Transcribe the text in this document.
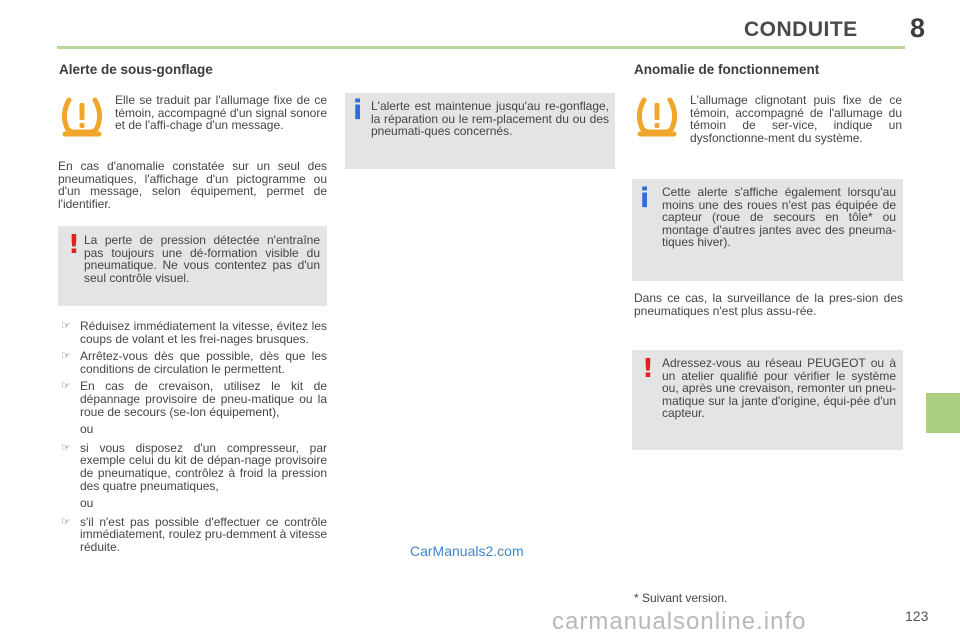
CONDUITE 8
Alerte de sous-gonflage
Elle se traduit par l'allumage fixe de ce témoin, accompagné d'un signal sonore et de l'affi-chage d'un message.
En cas d'anomalie constatée sur un seul des pneumatiques, l'affichage d'un pictogramme ou d'un message, selon équipement, permet de l'identifier.
! La perte de pression détectée n'entraîne pas toujours une dé-formation visible du pneumatique. Ne vous contentez pas d'un seul contrôle visuel.
☞ Réduisez immédiatement la vitesse, évitez les coups de volant et les frei-nages brusques.
☞ Arrêtez-vous dès que possible, dès que les conditions de circulation le permettent.
☞ En cas de crevaison, utilisez le kit de dépannage provisoire de pneu-matique ou la roue de secours (se-lon équipement),
ou
☞ si vous disposez d'un compresseur, par exemple celui du kit de dépan-nage provisoire de pneumatique, contrôlez à froid la pression des quatre pneumatiques,
ou
☞ s'il n'est pas possible d'effectuer ce contrôle immédiatement, roulez pru-demment à vitesse réduite.
i L'alerte est maintenue jusqu'au re-gonflage, la réparation ou le rem-placement du ou des pneumati-ques concernés.
CarManuals2.com
Anomalie de fonctionnement
L'allumage clignotant puis fixe de ce témoin, accompagné de l'allumage du témoin de ser-vice, indique un dysfonctionne-ment du système.
i Cette alerte s'affiche également lorsqu'au moins une des roues n'est pas équipée de capteur (roue de secours en tôle* ou montage d'autres jantes avec des pneuma-tiques hiver).
Dans ce cas, la surveillance de la pres-sion des pneumatiques n'est plus assu-rée.
! Adressez-vous au réseau PEUGEOT ou à un atelier qualifié pour vérifier le système ou, après une crevaison, remonter un pneu-matique sur la jante d'origine, équi-pée d'un capteur.
* Suivant version.
123
carmanualsonline.info
